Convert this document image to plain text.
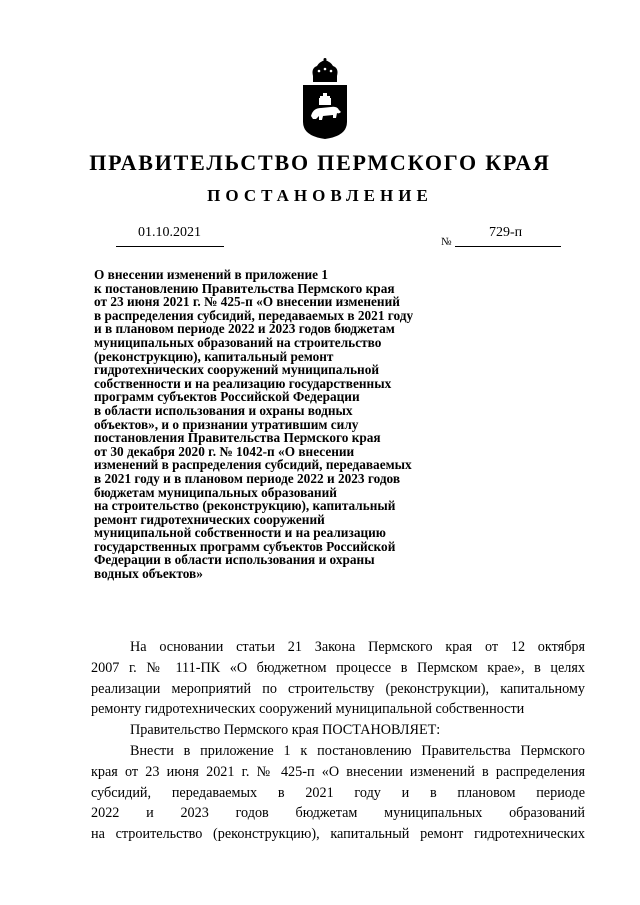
ПРАВИТЕЛЬСТВО ПЕРМСКОГО КРАЯ
ПОСТАНОВЛЕНИЕ
01.10.2021
№
729-п
О внесении изменений в приложение 1
к постановлению Правительства Пермского края
от 23 июня 2021 г. № 425-п «О внесении изменений
в распределения субсидий, передаваемых в 2021 году
и в плановом периоде 2022 и 2023 годов бюджетам
муниципальных образований на строительство
(реконструкцию), капитальный ремонт
гидротехнических сооружений муниципальной
собственности и на реализацию государственных
программ субъектов Российской Федерации
в области использования и охраны водных
объектов», и о признании утратившим силу
постановления Правительства Пермского края
от 30 декабря 2020 г. № 1042-п «О внесении
изменений в распределения субсидий, передаваемых
в 2021 году и в плановом периоде 2022 и 2023 годов
бюджетам муниципальных образований
на строительство (реконструкцию), капитальный
ремонт гидротехнических сооружений
муниципальной собственности и на реализацию
государственных программ субъектов Российской
Федерации в области использования и охраны
водных объектов»

На основании статьи 21 Закона Пермского края от 12 октября
2007 г. № 111-ПК «О бюджетном процессе в Пермском крае», в целях
реализации мероприятий по строительству (реконструкции), капитальному
ремонту гидротехнических сооружений муниципальной собственности

Правительство Пермского края ПОСТАНОВЛЯЕТ:

Внести в приложение 1 к постановлению Правительства Пермского
края от 23 июня 2021 г. № 425-п «О внесении изменений в распределения
субсидий, передаваемых в 2021 году и в плановом периоде
2022 и 2023 годов бюджетам муниципальных образований
на строительство (реконструкцию), капитальный ремонт гидротехнических
